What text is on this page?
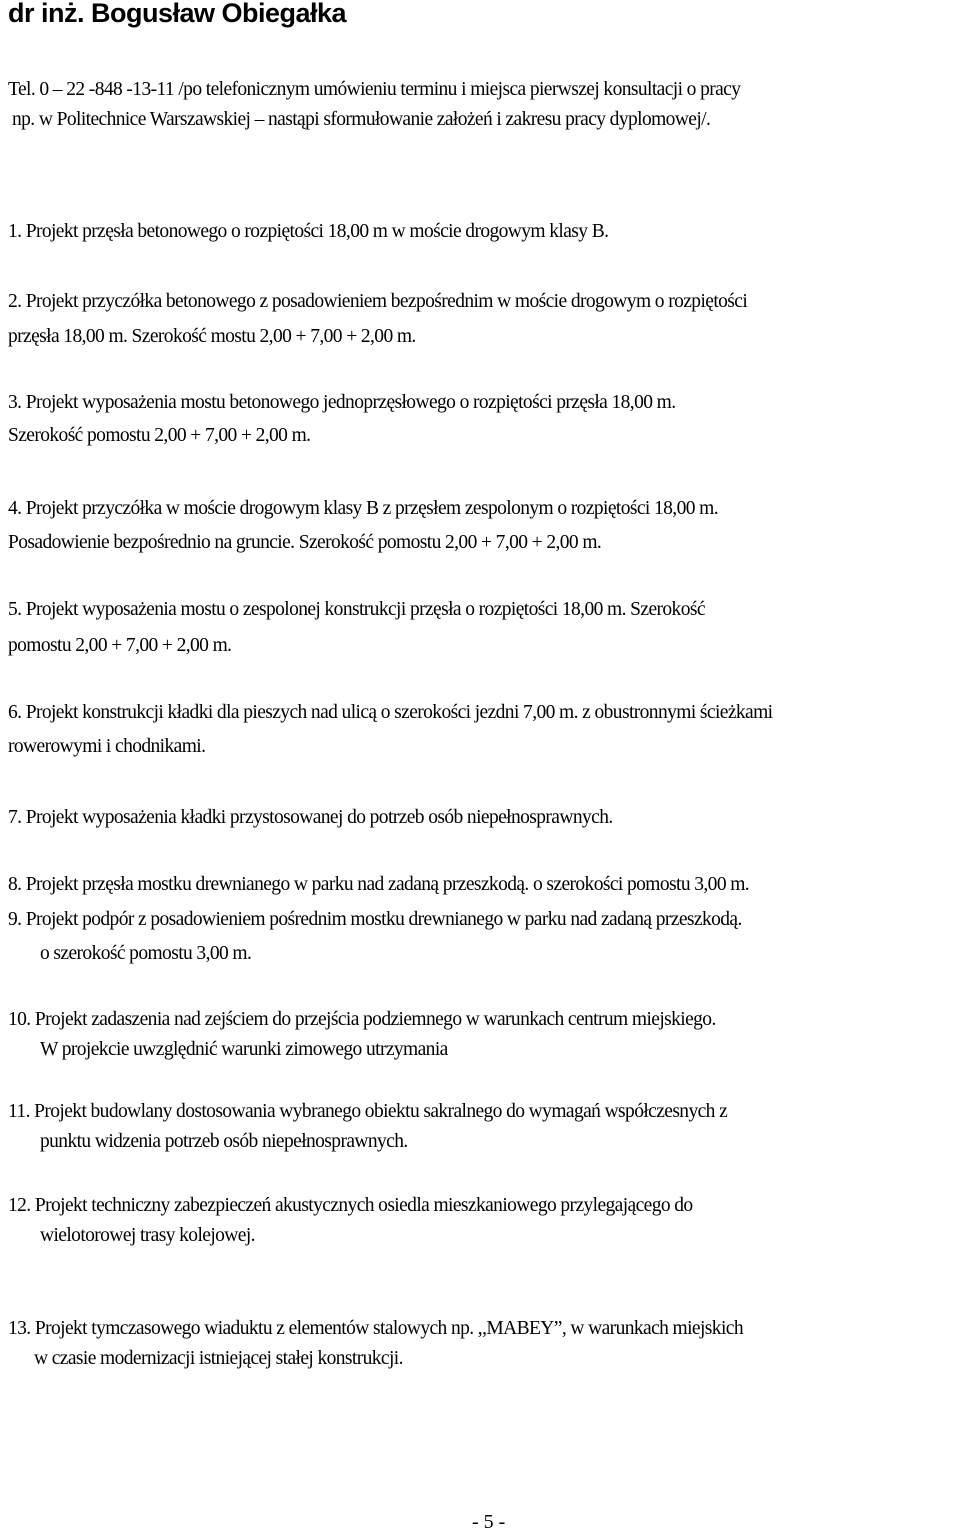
dr inż. Bogusław Obiegałka
Tel. 0 – 22 -848 -13-11 /po telefonicznym umówieniu terminu i miejsca pierwszej konsultacji o pracy
np. w Politechnice Warszawskiej – nastąpi sformułowanie założeń i zakresu pracy dyplomowej/.
1. Projekt przęsła betonowego o rozpiętości 18,00 m w moście drogowym klasy B.
2. Projekt przyczółka betonowego z posadowieniem bezpośrednim w moście drogowym o rozpiętości
przęsła 18,00 m. Szerokość mostu 2,00 + 7,00 + 2,00 m.
3. Projekt wyposażenia mostu betonowego jednoprzęsłowego o rozpiętości przęsła 18,00 m.
Szerokość pomostu 2,00 + 7,00 + 2,00 m.
4. Projekt przyczółka w moście drogowym klasy B z przęsłem zespolonym o rozpiętości 18,00 m.
Posadowienie bezpośrednio na gruncie. Szerokość pomostu 2,00 + 7,00 + 2,00 m.
5. Projekt wyposażenia mostu o zespolonej konstrukcji przęsła o rozpiętości 18,00 m. Szerokość
pomostu 2,00 + 7,00 + 2,00 m.
6. Projekt konstrukcji kładki dla pieszych nad ulicą o szerokości jezdni 7,00 m. z obustronnymi ścieżkami
rowerowymi i chodnikami.
7. Projekt wyposażenia kładki przystosowanej do potrzeb osób niepełnosprawnych.
8. Projekt przęsła mostku drewnianego w parku nad zadaną przeszkodą. o szerokości pomostu 3,00 m.
9. Projekt podpór z posadowieniem pośrednim mostku drewnianego w parku nad zadaną przeszkodą.
o szerokość pomostu 3,00 m.
10. Projekt zadaszenia nad zejściem do przejścia podziemnego w warunkach centrum miejskiego.
W projekcie uwzględnić warunki zimowego utrzymania
11. Projekt budowlany dostosowania wybranego obiektu sakralnego do wymagań współczesnych z
punktu widzenia potrzeb osób niepełnosprawnych.
12. Projekt techniczny zabezpieczeń akustycznych osiedla mieszkaniowego przylegającego do
wielotorowej trasy kolejowej.
13. Projekt tymczasowego wiaduktu z elementów stalowych np. ,,MABEY”, w warunkach miejskich
w czasie modernizacji istniejącej stałej konstrukcji.
- 5 -
